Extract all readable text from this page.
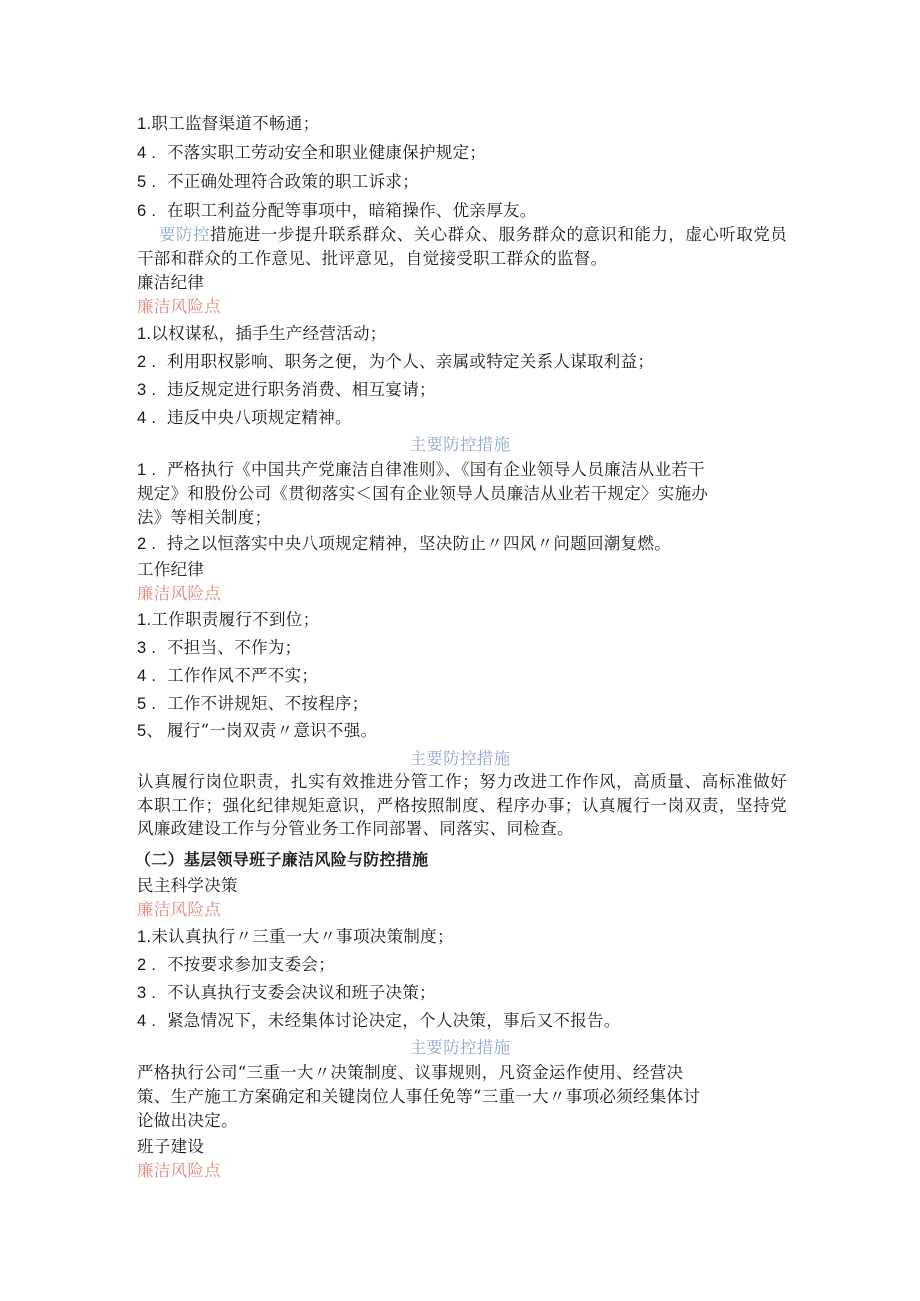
1.职工监督渠道不畅通；
4 . 不落实职工劳动安全和职业健康保护规定；
5 . 不正确处理符合政策的职工诉求；
6 . 在职工利益分配等事项中，暗箱操作、优亲厚友。
要防控措施进一步提升联系群众、关心群众、服务群众的意识和能力，虚心听取党员干部和群众的工作意见、批评意见，自觉接受职工群众的监督。
廉洁纪律
廉洁风险点
1.以权谋私，插手生产经营活动；
2 . 利用职权影响、职务之便，为个人、亲属或特定关系人谋取利益；
3 . 违反规定进行职务消费、相互宴请；
4 . 违反中央八项规定精神。
主要防控措施
1 . 严格执行《中国共产党廉洁自律准则》、《国有企业领导人员廉洁从业若干
规定》和股份公司《贯彻落实＜国有企业领导人员廉洁从业若干规定〉实施办
法》等相关制度；
2 . 持之以恒落实中央八项规定精神，坚决防止〃四风〃问题回潮复燃。
工作纪律
廉洁风险点
1.工作职责履行不到位；
3 . 不担当、不作为；
4 . 工作作风不严不实；
5 . 工作不讲规矩、不按程序；
5、 履行“一岗双责〃意识不强。
主要防控措施
认真履行岗位职责，扎实有效推进分管工作；努力改进工作作风，高质量、高标准做好本职工作；强化纪律规矩意识，严格按照制度、程序办事；认真履行一岗双责，坚持党风廉政建设工作与分管业务工作同部署、同落实、同检查。
（二）基层领导班子廉洁风险与防控措施
民主科学决策
廉洁风险点
1.未认真执行〃三重一大〃事项决策制度；
2 . 不按要求参加支委会；
3 . 不认真执行支委会决议和班子决策；
4 . 紧急情况下，未经集体讨论决定，个人决策，事后又不报告。
主要防控措施
严格执行公司“三重一大〃决策制度、议事规则，凡资金运作使用、经营决
策、生产施工方案确定和关键岗位人事任免等“三重一大〃事项必须经集体讨
论做出决定。
班子建设
廉洁风险点
